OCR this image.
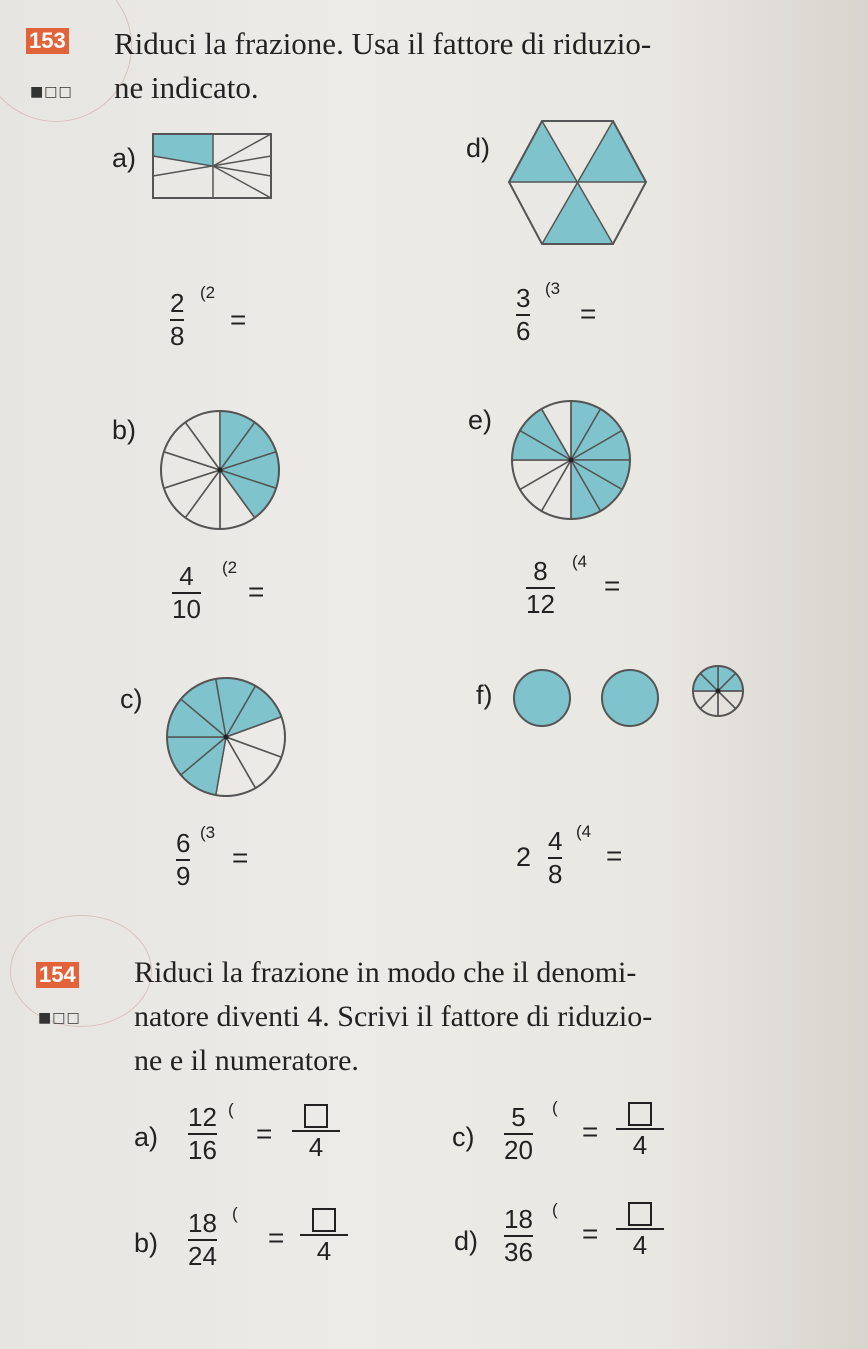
153
■□□
Riduci la frazione. Usa il fattore di riduzio-
ne indicato.
a)
2
8
(2
=
d)
3
6
(3
=
b)
4
10
(2
=
e)
8
12
(4
=
c)
6
9
(3
=
f)
2
4
8
(4
=
154
■□□
Riduci la frazione in modo che il denomi-
natore diventi 4. Scrivi il fattore di riduzio-
ne e il numeratore.
a)
12
16
(
= 4
b)
18
24
(
= 4
c)
5
20
(
= 4
d)
18
36
(
= 4
